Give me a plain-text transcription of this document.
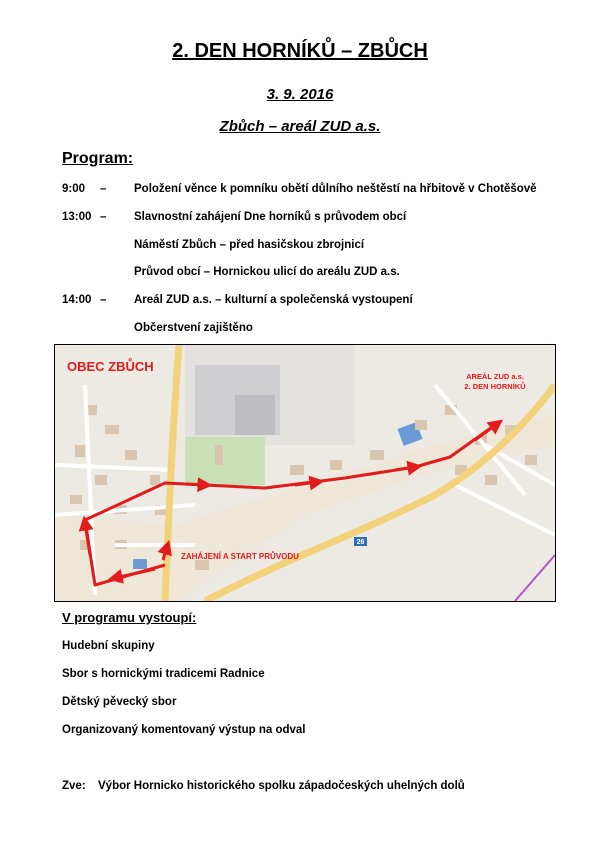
2. DEN HORNÍKŮ – ZBŮCH
3. 9. 2016
Zbůch – areál ZUD a.s.
Program:
9:00 – Položení věnce k pomníku obětí důlního neštěstí na hřbitově v Chotěšově
13:00 – Slavnostní zahájení Dne horníků s průvodem obcí
Náměstí Zbůch – před hasičskou zbrojnicí
Průvod obcí – Hornickou ulicí do areálu ZUD a.s.
14:00 – Areál ZUD a.s. – kulturní a společenská vystoupení
Občerstvení zajištěno
26
OBEC ZBŮCH
AREÁL ZUD a.s.
2. DEN HORNÍKŮ
ZAHÁJENÍ A START PRŮVODU
V programu vystoupí:
Hudební skupiny
Sbor s hornickými tradicemi Radnice
Dětský pěvecký sbor
Organizovaný komentovaný výstup na odval
Zve: Výbor Hornicko historického spolku západočeských uhelných dolů
